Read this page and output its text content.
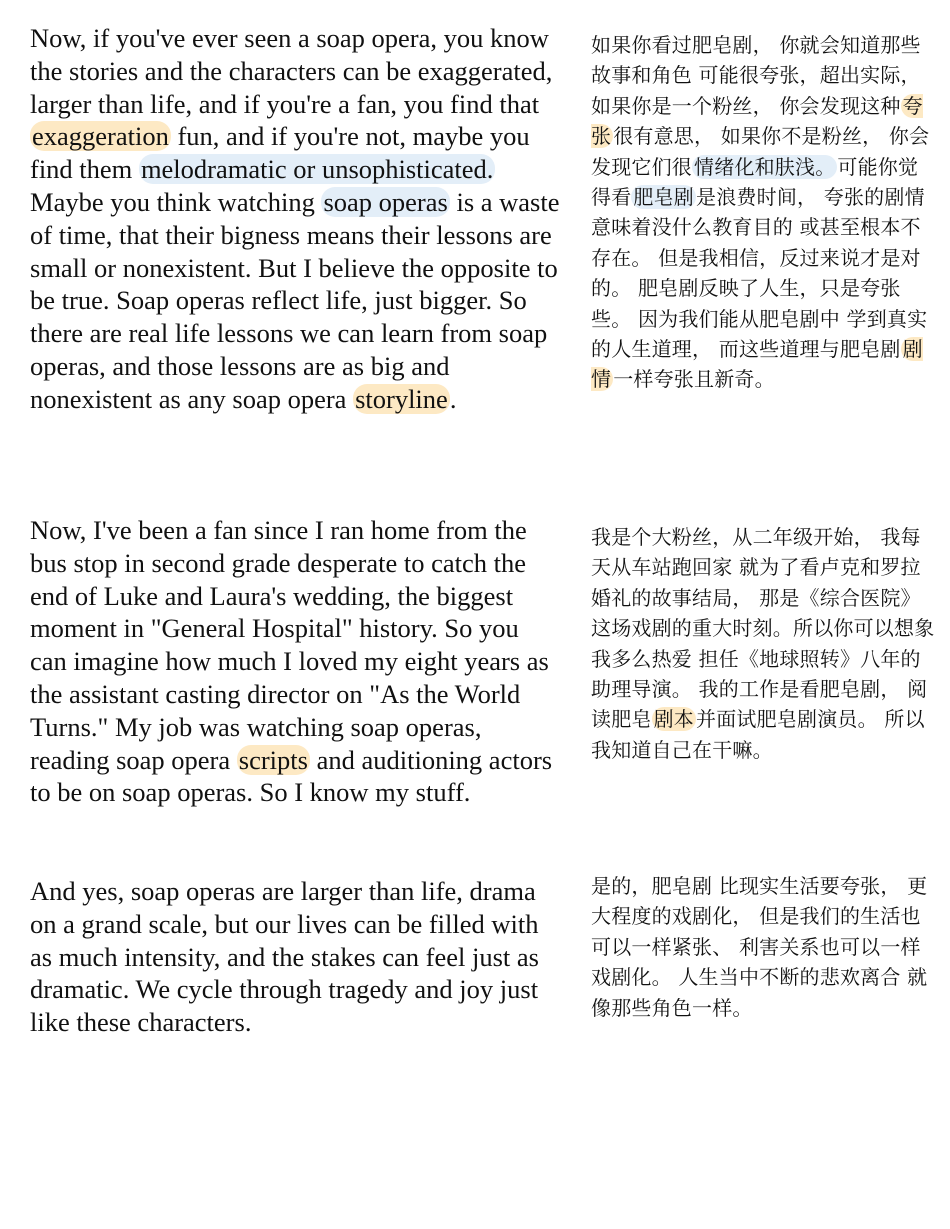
Now, if you've ever seen a soap opera, you know the stories and the characters can be exaggerated, larger than life, and if you're a fan, you find that exaggeration fun, and if you're not, maybe you find them melodramatic or unsophisticated. Maybe you think watching soap operas is a waste of time, that their bigness means their lessons are small or nonexistent. But I believe the opposite to be true. Soap operas reflect life, just bigger. So there are real life lessons we can learn from soap operas, and those lessons are as big and nonexistent as any soap opera storyline.

Now, I've been a fan since I ran home from the bus stop in second grade desperate to catch the end of Luke and Laura's wedding, the biggest moment in "General Hospital" history. So you can imagine how much I loved my eight years as the assistant casting director on "As the World Turns." My job was watching soap operas, reading soap opera scripts and auditioning actors to be on soap operas. So I know my stuff.

And yes, soap operas are larger than life, drama on a grand scale, but our lives can be filled with as much intensity, and the stakes can feel just as dramatic. We cycle through tragedy and joy just like these characters.

如果你看过肥皂剧， 你就会知道那些故事和角色 可能很夸张，超出实际， 如果你是一个粉丝， 你会发现这种 夸张 很有意思， 如果你不是粉丝， 你会发现它们很 情绪化和肤浅。 可能你觉得看 肥皂剧 是浪费时间， 夸张的剧情意味着没什么教育目的 或甚至根本不存在。 但是我相信，反过来说才是对的。 肥皂剧反映了人生，只是夸张些。 因为我们能从肥皂剧中 学到真实的人生道理， 而这些道理与肥皂剧 剧情 一样夸张且新奇。

我是个大粉丝，从二年级开始， 我每天从车站跑回家 就为了看卢克和罗拉婚礼的故事结局， 那是《综合医院》这场戏剧的重大时刻。所以你可以想象我多么热爱 担任《地球照转》八年的助理导演。 我的工作是看肥皂剧， 阅读肥皂 剧本 并面试肥皂剧演员。 所以我知道自己在干嘛。

是的，肥皂剧 比现实生活要夸张， 更大程度的戏剧化， 但是我们的生活也可以一样紧张、 利害关系也可以一样戏剧化。 人生当中不断的悲欢离合 就像那些角色一样。
